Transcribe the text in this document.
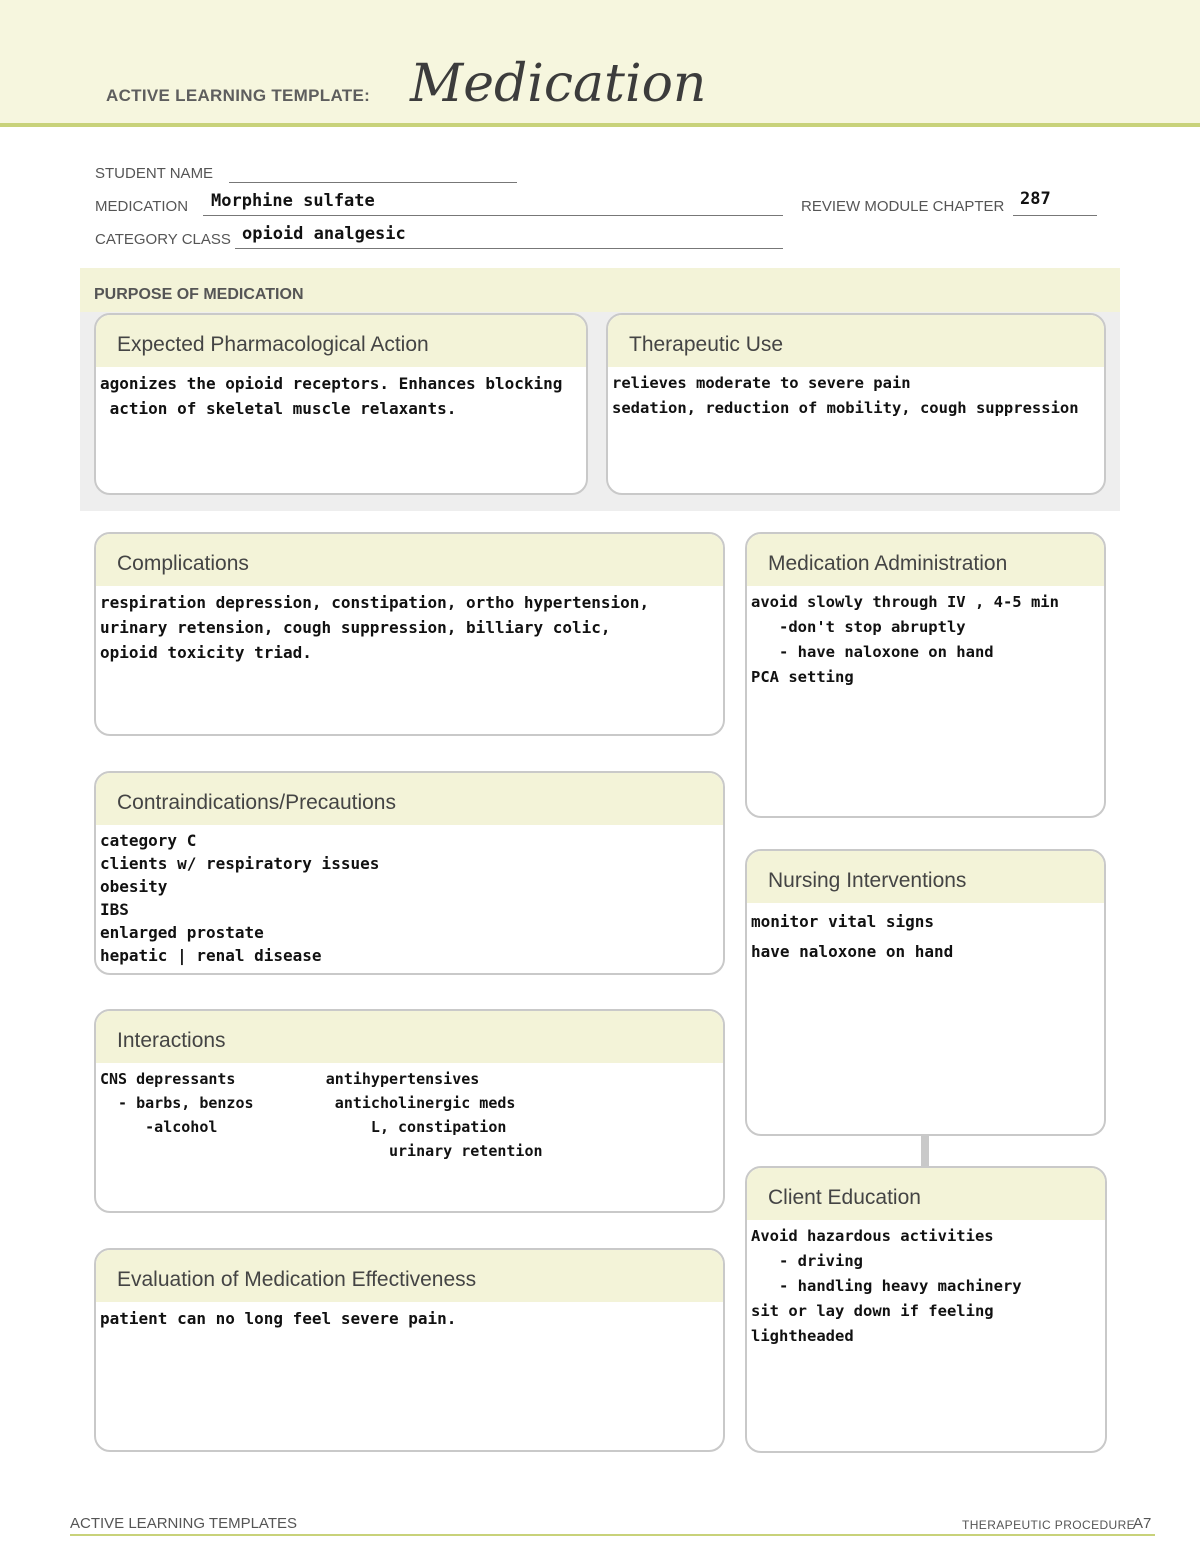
ACTIVE LEARNING TEMPLATE: Medication
STUDENT NAME
MEDICATION Morphine sulfate	REVIEW MODULE CHAPTER 287
CATEGORY CLASS opioid analgesic
PURPOSE OF MEDICATION
Expected Pharmacological Action
agonizes the opioid receptors. Enhances blocking
action of skeletal muscle relaxants.
Therapeutic Use
relieves moderate to severe pain
sedation, reduction of mobility, cough suppression
Complications
respiration depression, constipation, ortho hypertension,
urinary retension, cough suppression, billiary colic,
opioid toxicity triad.
Medication Administration
avoid slowly through IV , 4-5 min
-don't stop abruptly
- have naloxone on hand
PCA setting
Contraindications/Precautions
category C
clients w/ respiratory issues
obesity
IBS
enlarged prostate
hepatic | renal disease
Nursing Interventions
monitor vital signs
have naloxone on hand
Interactions
CNS depressants          antihypertensives
- barbs, benzos         anticholinergic meds
-alcohol                 L, constipation
urinary retention
Client Education
Avoid hazardous activities
- driving
- handling heavy machinery
sit or lay down if feeling
lightheaded
Evaluation of Medication Effectiveness
patient can no long feel severe pain.
ACTIVE LEARNING TEMPLATES	THERAPEUTIC PROCEDURE
A7
